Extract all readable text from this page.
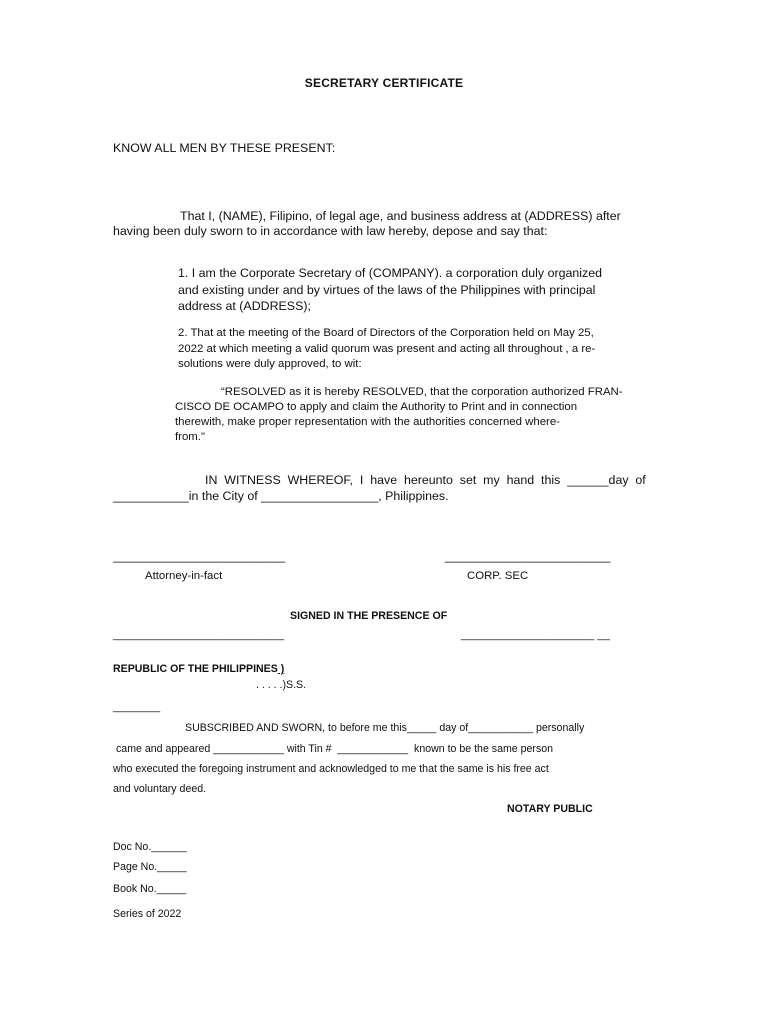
SECRETARY CERTIFICATE
KNOW ALL MEN BY THESE PRESENT:
That I, (NAME), Filipino, of legal age, and business address at (ADDRESS) after
having been duly sworn to in accordance with law hereby, depose and say that:
1. I am the Corporate Secretary of (COMPANY). a corporation duly organized
and existing under and by virtues of the laws of the Philippines with principal
address at (ADDRESS);
2. That at the meeting of the Board of Directors of the Corporation held on May 25,
2022 at which meeting a valid quorum was present and acting all throughout , a re-
solutions were duly approved, to wit:
“RESOLVED as it is hereby RESOLVED, that the corporation authorized FRAN-
CISCO DE OCAMPO to apply and claim the Authority to Print and in connection
therewith, make proper representation with the authorities concerned where-
from."
IN  WITNESS  WHEREOF,  I  have  hereunto  set  my  hand  this  ______day  of
___________in the City of _________________, Philippines.
_________________________	________________________
Attorney-in-fact	CORP. SEC
SIGNED IN THE PRESENCE OF
___________________________	_____________________ __
REPUBLIC OF THE PHILIPPINES )
. . . . .)S.S.
________
SUBSCRIBED AND SWORN, to before me this_____ day of___________ personally
came and appeared ____________ with Tin #  ____________  known to be the same person
who executed the foregoing instrument and acknowledged to me that the same is his free act
and voluntary deed.
NOTARY PUBLIC
Doc No.______
Page No._____
Book No._____
Series of 2022
